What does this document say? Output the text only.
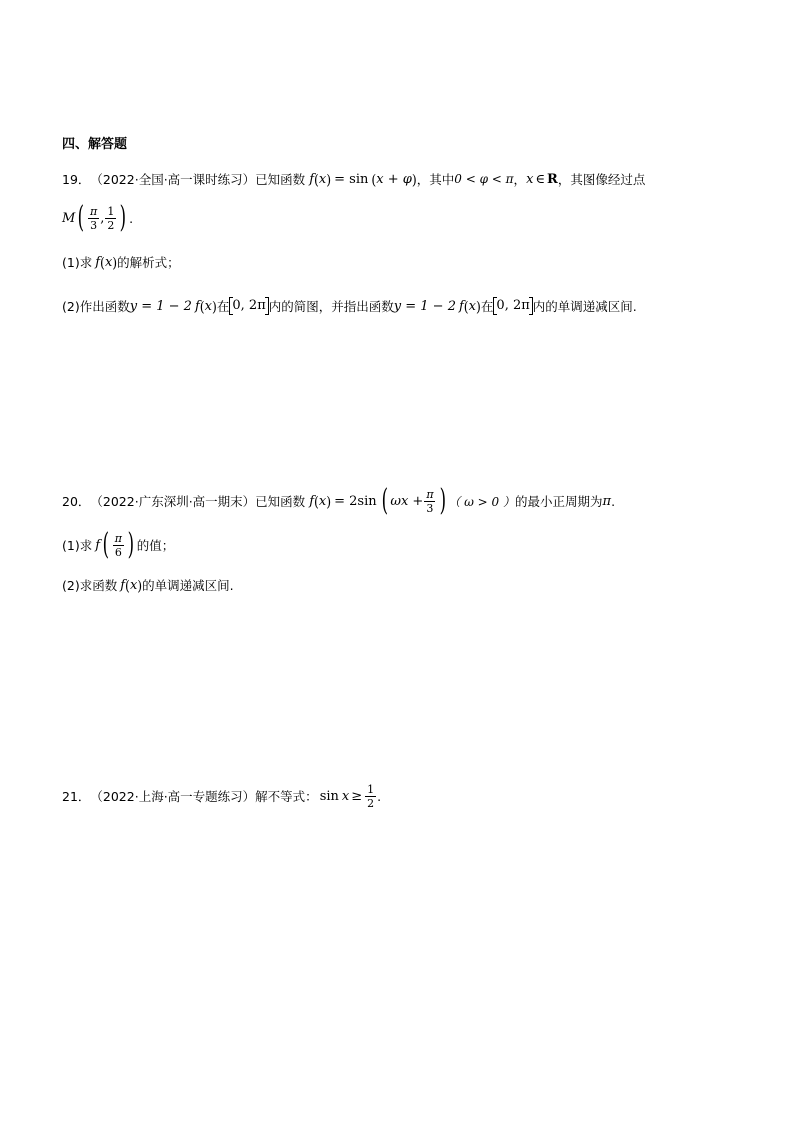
四、解答题
19． （2022·全国·高一课时练习） 已知函数 f ( x ) = sin ( x + φ ) ，其中 0 < φ < π ， x ∈ R ，其图像经过点
M ( $\frac{\pi}{3}$ , $\frac{1}{2}$ ) .
(1) 求 f ( x ) 的解析式；
(2) 作出函数 y = 1 − 2 f ( x ) 在 0, 2π 内的简图，并指出函数 y = 1 − 2 f ( x ) 在 0, 2π 内的单调递减区间.
20． （2022·广东深圳·高一期末） 已知函数 f ( x ) = 2sin ( $\omega x + \frac{\pi}{3}$ ) （ ω > 0 ） 的最小正周期为 π .
(1) 求 f ( $\frac{\pi}{6}$ ) 的值；
(2) 求函数 f ( x ) 的单调递减区间.
21． （2022·上海·高一专题练习） 解不等式： $\sin x \ge \frac{1}{2}$ .
